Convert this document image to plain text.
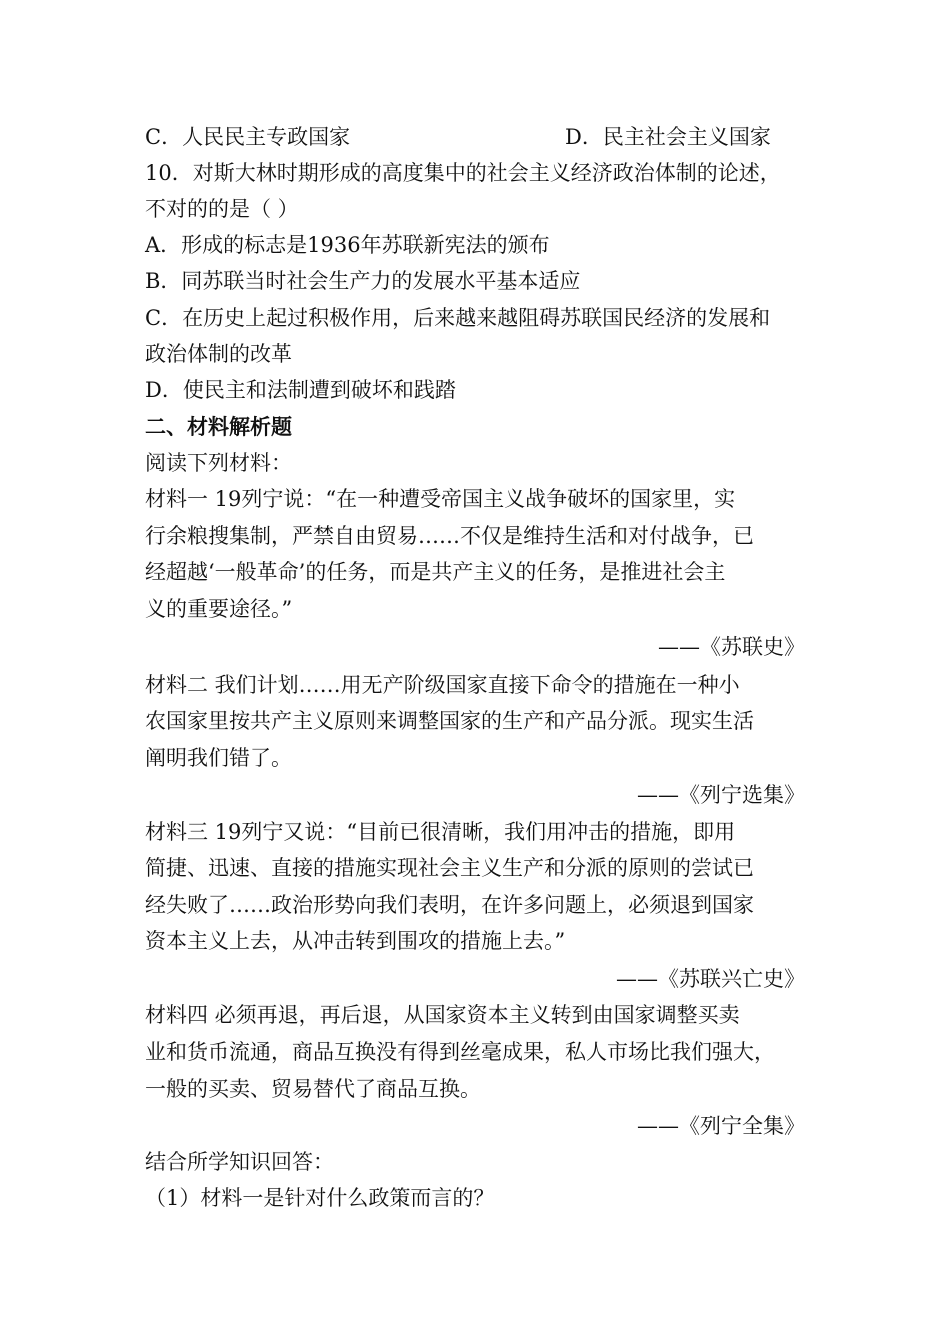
C．人民民主专政国家	D．民主社会主义国家
10．对斯大林时期形成的高度集中的社会主义经济政治体制的论述，
不对的的是（ ）
A．形成的标志是1936年苏联新宪法的颁布
B．同苏联当时社会生产力的发展水平基本适应
C．在历史上起过积极作用，后来越来越阻碍苏联国民经济的发展和
政治体制的改革
D．使民主和法制遭到破坏和践踏
二、材料解析题
阅读下列材料：
材料一 19列宁说：“在一种遭受帝国主义战争破坏的国家里，实
行余粮搜集制，严禁自由贸易……不仅是维持生活和对付战争，已
经超越‘一般革命’的任务，而是共产主义的任务，是推进社会主
义的重要途径。”
——《苏联史》
材料二 我们计划……用无产阶级国家直接下命令的措施在一种小
农国家里按共产主义原则来调整国家的生产和产品分派。现实生活
阐明我们错了。
——《列宁选集》
材料三 19列宁又说：“目前已很清晰，我们用冲击的措施，即用
简捷、迅速、直接的措施实现社会主义生产和分派的原则的尝试已
经失败了……政治形势向我们表明，在许多问题上，必须退到国家
资本主义上去，从冲击转到围攻的措施上去。”
——《苏联兴亡史》
材料四 必须再退，再后退，从国家资本主义转到由国家调整买卖
业和货币流通，商品互换没有得到丝毫成果，私人市场比我们强大，
一般的买卖、贸易替代了商品互换。
——《列宁全集》
结合所学知识回答：
（1）材料一是针对什么政策而言的？
